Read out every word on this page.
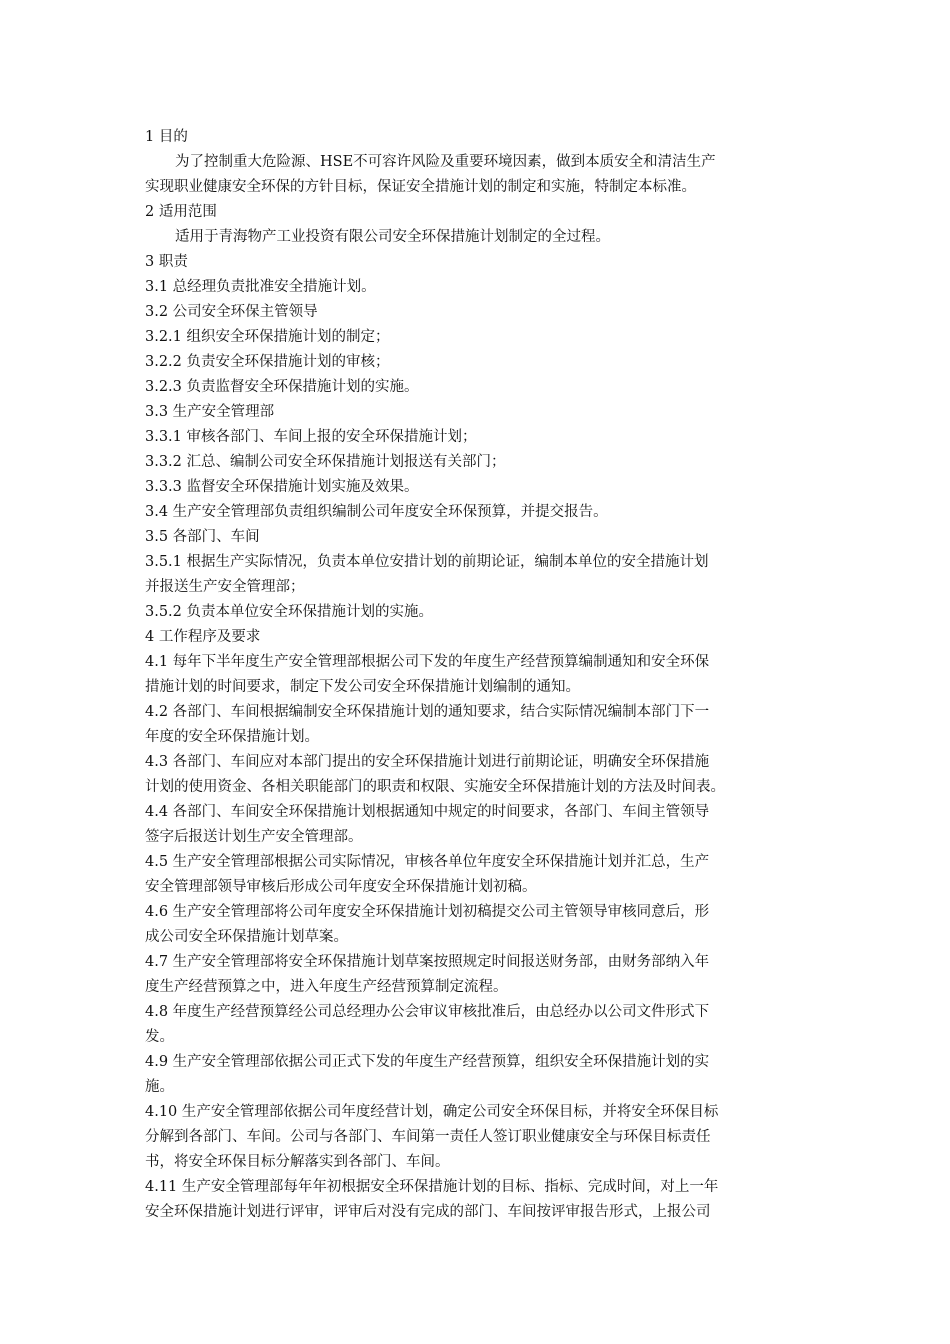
1 目的
为了控制重大危险源、HSE不可容许风险及重要环境因素，做到本质安全和清洁生产
实现职业健康安全环保的方针目标，保证安全措施计划的制定和实施，特制定本标准。
2 适用范围
适用于青海物产工业投资有限公司安全环保措施计划制定的全过程。
3 职责
3.1 总经理负责批准安全措施计划。
3.2 公司安全环保主管领导
3.2.1 组织安全环保措施计划的制定；
3.2.2 负责安全环保措施计划的审核；
3.2.3 负责监督安全环保措施计划的实施。
3.3 生产安全管理部
3.3.1 审核各部门、车间上报的安全环保措施计划；
3.3.2 汇总、编制公司安全环保措施计划报送有关部门；
3.3.3 监督安全环保措施计划实施及效果。
3.4 生产安全管理部负责组织编制公司年度安全环保预算，并提交报告。
3.5 各部门、车间
3.5.1 根据生产实际情况，负责本单位安措计划的前期论证，编制本单位的安全措施计划
并报送生产安全管理部；
3.5.2 负责本单位安全环保措施计划的实施。
4 工作程序及要求
4.1 每年下半年度生产安全管理部根据公司下发的年度生产经营预算编制通知和安全环保
措施计划的时间要求，制定下发公司安全环保措施计划编制的通知。
4.2 各部门、车间根据编制安全环保措施计划的通知要求，结合实际情况编制本部门下一
年度的安全环保措施计划。
4.3 各部门、车间应对本部门提出的安全环保措施计划进行前期论证，明确安全环保措施
计划的使用资金、各相关职能部门的职责和权限、实施安全环保措施计划的方法及时间表。
4.4 各部门、车间安全环保措施计划根据通知中规定的时间要求，各部门、车间主管领导
签字后报送计划生产安全管理部。
4.5 生产安全管理部根据公司实际情况，审核各单位年度安全环保措施计划并汇总，生产
安全管理部领导审核后形成公司年度安全环保措施计划初稿。
4.6 生产安全管理部将公司年度安全环保措施计划初稿提交公司主管领导审核同意后，形
成公司安全环保措施计划草案。
4.7 生产安全管理部将安全环保措施计划草案按照规定时间报送财务部，由财务部纳入年
度生产经营预算之中，进入年度生产经营预算制定流程。
4.8 年度生产经营预算经公司总经理办公会审议审核批准后，由总经办以公司文件形式下
发。
4.9 生产安全管理部依据公司正式下发的年度生产经营预算，组织安全环保措施计划的实
施。
4.10 生产安全管理部依据公司年度经营计划，确定公司安全环保目标，并将安全环保目标
分解到各部门、车间。公司与各部门、车间第一责任人签订职业健康安全与环保目标责任
书，将安全环保目标分解落实到各部门、车间。
4.11 生产安全管理部每年年初根据安全环保措施计划的目标、指标、完成时间，对上一年
安全环保措施计划进行评审，评审后对没有完成的部门、车间按评审报告形式，上报公司
